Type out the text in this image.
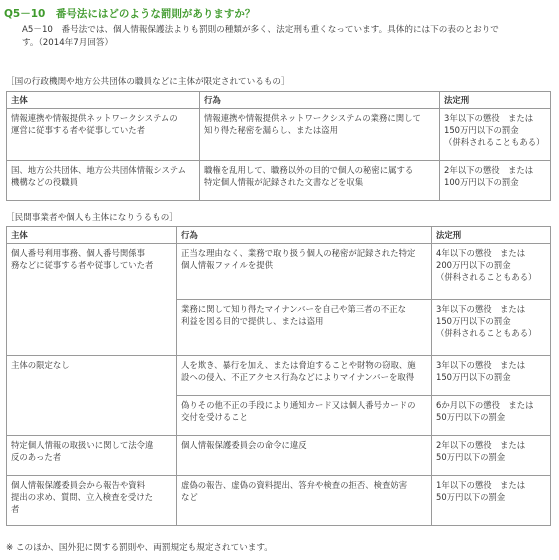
Q5－10　番号法にはどのような罰則がありますか？
A5－10　番号法では、個人情報保護法よりも罰則の種類が多く、法定刑も重くなっています。具体的には下の表のとおりで
す。（2014年7月回答）
［国の行政機関や地方公共団体の職員などに主体が限定されているもの］
主体	行為	法定刑

情報連携や情報提供ネットワークシステムの
運営に従事する者や従事していた者	情報連携や情報提供ネットワークシステムの業務に関して
知り得た秘密を漏らし、または盗用	3年以下の懲役　または
150万円以下の罰金
（併科されることもある）

国、地方公共団体、地方公共団体情報システム
機構などの役職員	職権を乱用して、職務以外の目的で個人の秘密に属する
特定個人情報が記録された文書などを収集	2年以下の懲役　または
100万円以下の罰金
［民間事業者や個人も主体になりうるもの］
主体	行為	法定刑

個人番号利用事務、個人番号関係事
務などに従事する者や従事していた者	正当な理由なく、業務で取り扱う個人の秘密が記録された特定
個人情報ファイルを提供	4年以下の懲役　または
200万円以下の罰金
（併科されることもある）

	業務に関して知り得たマイナンバーを自己や第三者の不正な
利益を図る目的で提供し、または盗用	3年以下の懲役　または
150万円以下の罰金
（併科されることもある）

主体の限定なし	人を欺き、暴行を加え、または脅迫することや財物の窃取、施
設への侵入、不正アクセス行為などによりマイナンバーを取得	3年以下の懲役　または
150万円以下の罰金

	偽りその他不正の手段により通知カード又は個人番号カードの
交付を受けること	6か月以下の懲役　または
50万円以下の罰金

特定個人情報の取扱いに関して法令違
反のあった者	個人情報保護委員会の命令に違反	2年以下の懲役　または
50万円以下の罰金

個人情報保護委員会から報告や資料
提出の求め、質問、立入検査を受けた
者	虚偽の報告、虚偽の資料提出、答弁や検査の拒否、検査妨害
など	1年以下の懲役　または
50万円以下の罰金
※ このほか、国外犯に関する罰則や、両罰規定も規定されています。
